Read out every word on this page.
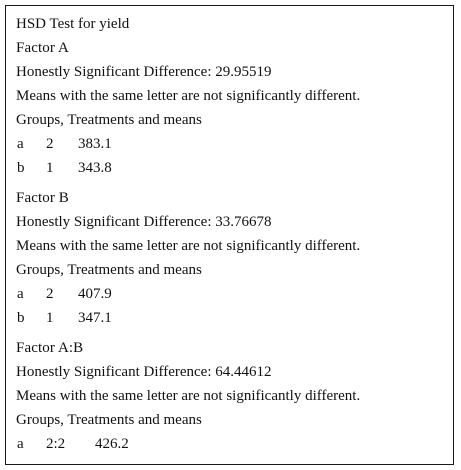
HSD Test for yield
Factor A
Honestly Significant Difference: 29.95519
Means with the same letter are not significantly different.
Groups, Treatments and means
a 2 383.1
b 1 343.8
Factor B
Honestly Significant Difference: 33.76678
Means with the same letter are not significantly different.
Groups, Treatments and means
a 2 407.9
b 1 347.1
Factor A:B
Honestly Significant Difference: 64.44612
Means with the same letter are not significantly different.
Groups, Treatments and means
a 2:2 426.2
